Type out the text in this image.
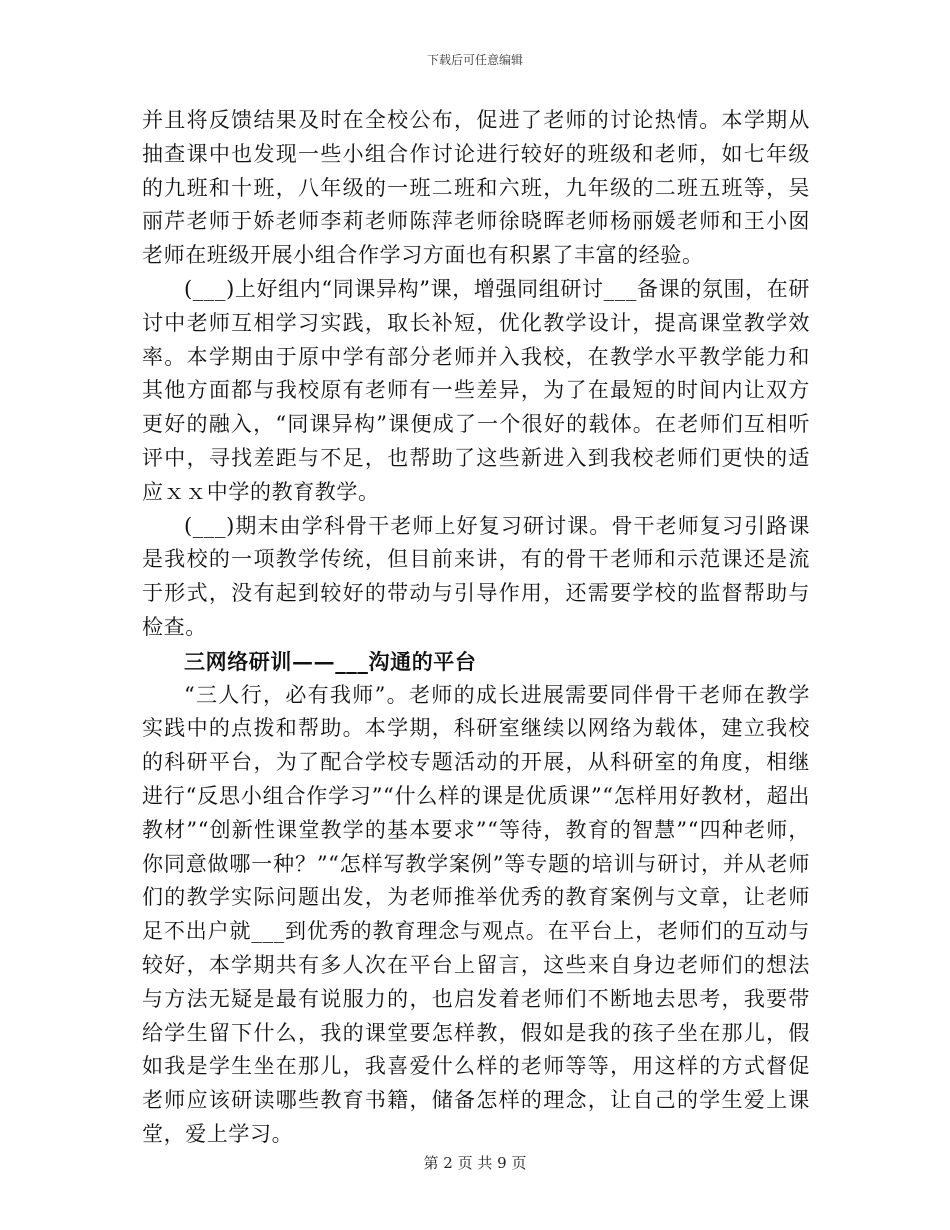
下载后可任意编辑

并且将反馈结果及时在全校公布，促进了老师的讨论热情。本学期从抽查课中也发现一些小组合作讨论进行较好的班级和老师，如七年级的九班和十班，八年级的一班二班和六班，九年级的二班五班等，吴丽芹老师于娇老师李莉老师陈萍老师徐晓晖老师杨丽媛老师和王小囡老师在班级开展小组合作学习方面也有积累了丰富的经验。

(___)上好组内“同课异构”课，增强同组研讨___备课的氛围，在研讨中老师互相学习实践，取长补短，优化教学设计，提高课堂教学效率。本学期由于原中学有部分老师并入我校，在教学水平教学能力和其他方面都与我校原有老师有一些差异，为了在最短的时间内让双方更好的融入，“同课异构”课便成了一个很好的载体。在老师们互相听评中，寻找差距与不足，也帮助了这些新进入到我校老师们更快的适应ｘｘ中学的教育教学。

(___)期末由学科骨干老师上好复习研讨课。骨干老师复习引路课是我校的一项教学传统，但目前来讲，有的骨干老师和示范课还是流于形式，没有起到较好的带动与引导作用，还需要学校的监督帮助与检查。

三网络研训——___沟通的平台

“三人行，必有我师”。老师的成长进展需要同伴骨干老师在教学实践中的点拨和帮助。本学期，科研室继续以网络为载体，建立我校的科研平台，为了配合学校专题活动的开展，从科研室的角度，相继进行“反思小组合作学习”“什么样的课是优质课”“怎样用好教材，超出教材”“创新性课堂教学的基本要求”“等待，教育的智慧”“四种老师，你同意做哪一种？”“怎样写教学案例”等专题的培训与研讨，并从老师们的教学实际问题出发，为老师推举优秀的教育案例与文章，让老师足不出户就___到优秀的教育理念与观点。在平台上，老师们的互动与较好，本学期共有多人次在平台上留言，这些来自身边老师们的想法与方法无疑是最有说服力的，也启发着老师们不断地去思考，我要带给学生留下什么，我的课堂要怎样教，假如是我的孩子坐在那儿，假如我是学生坐在那儿，我喜爱什么样的老师等等，用这样的方式督促老师应该研读哪些教育书籍，储备怎样的理念，让自己的学生爱上课堂，爱上学习。

第 2 页 共 9 页
